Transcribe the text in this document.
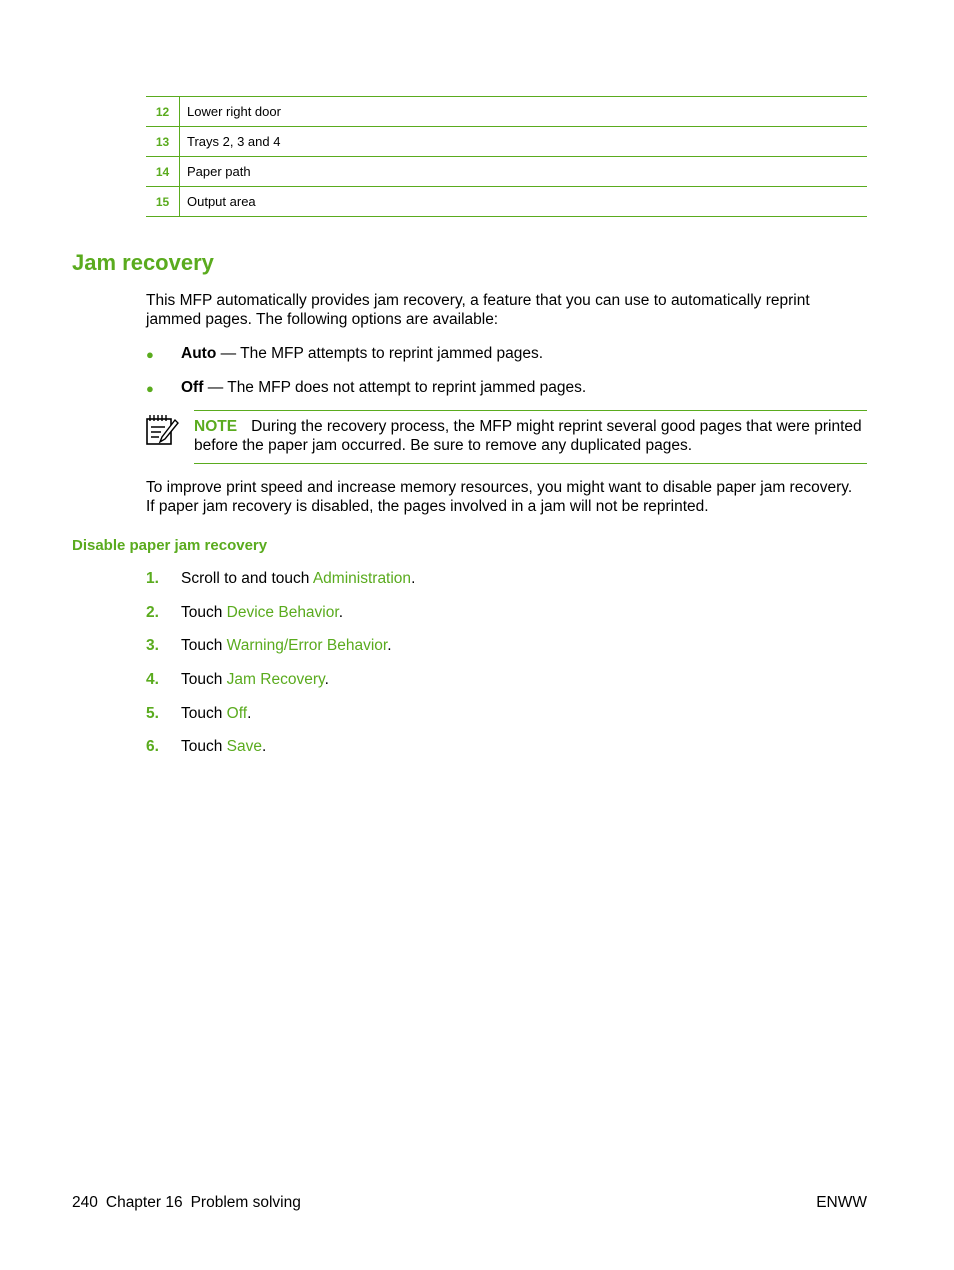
12	Lower right door
13	Trays 2, 3 and 4
14	Paper path
15	Output area
Jam recovery

This MFP automatically provides jam recovery, a feature that you can use to automatically reprint

jammed pages. The following options are available:

● Auto — The MFP attempts to reprint jammed pages.
● Off — The MFP does not attempt to reprint jammed pages.
NOTE During the recovery process, the MFP might reprint several good pages that were printed before the paper jam occurred. Be sure to remove any duplicated pages.

To improve print speed and increase memory resources, you might want to disable paper jam recovery.

If paper jam recovery is disabled, the pages involved in a jam will not be reprinted.

Disable paper jam recovery
1. Scroll to and touch Administration.
2. Touch Device Behavior.
3. Touch Warning/Error Behavior.
4. Touch Jam Recovery.
5. Touch Off.
6. Touch Save.
240 Chapter 16 Problem solving	ENWW
